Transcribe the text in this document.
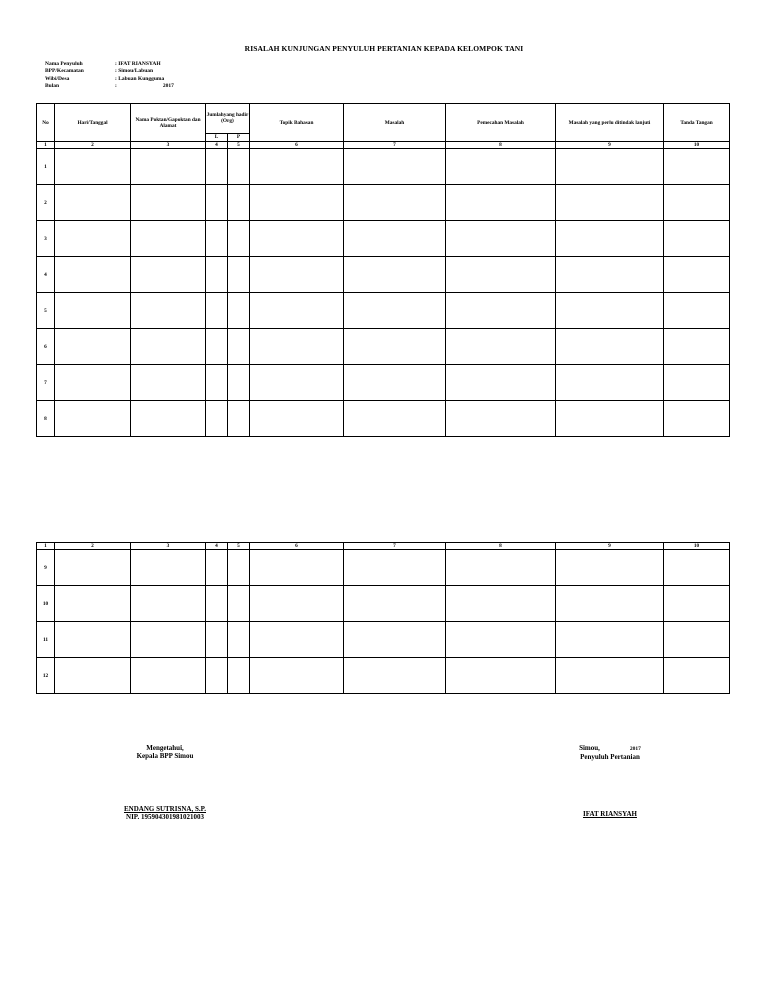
RISALAH KUNJUNGAN PENYULUH PERTANIAN KEPADA KELOMPOK TANI
Nama Penyuluh	: IFAT RIANSYAH
BPP/Kecamatan	: Simou/Labuan
Wibi/Desa	: Labuan Kungguma
Bulan	:	2017
No	Hari/Tanggal	Nama Poktan/Gapoktan dan Alamat	Jumlahyang hadir (Org)		Topik Bahasan	Masalah	Pemecahan Masalah	Masalah yang perlu ditindak lanjuti	Tanda Tangan
			L	P					
1	2	3	4	5	6	7	8	9	10
1									
2									
3									
4									
5									
6									
7									
8									
1	2	3	4	5	6	7	8	9	10
9									
10									
11									
12									
Mengetahui,
Kepala BPP Simou
Simou,	2017
Penyuluh Pertanian
ENDANG SUTRISNA, S.P.
NIP. 195904301981021003	IFAT RIANSYAH
